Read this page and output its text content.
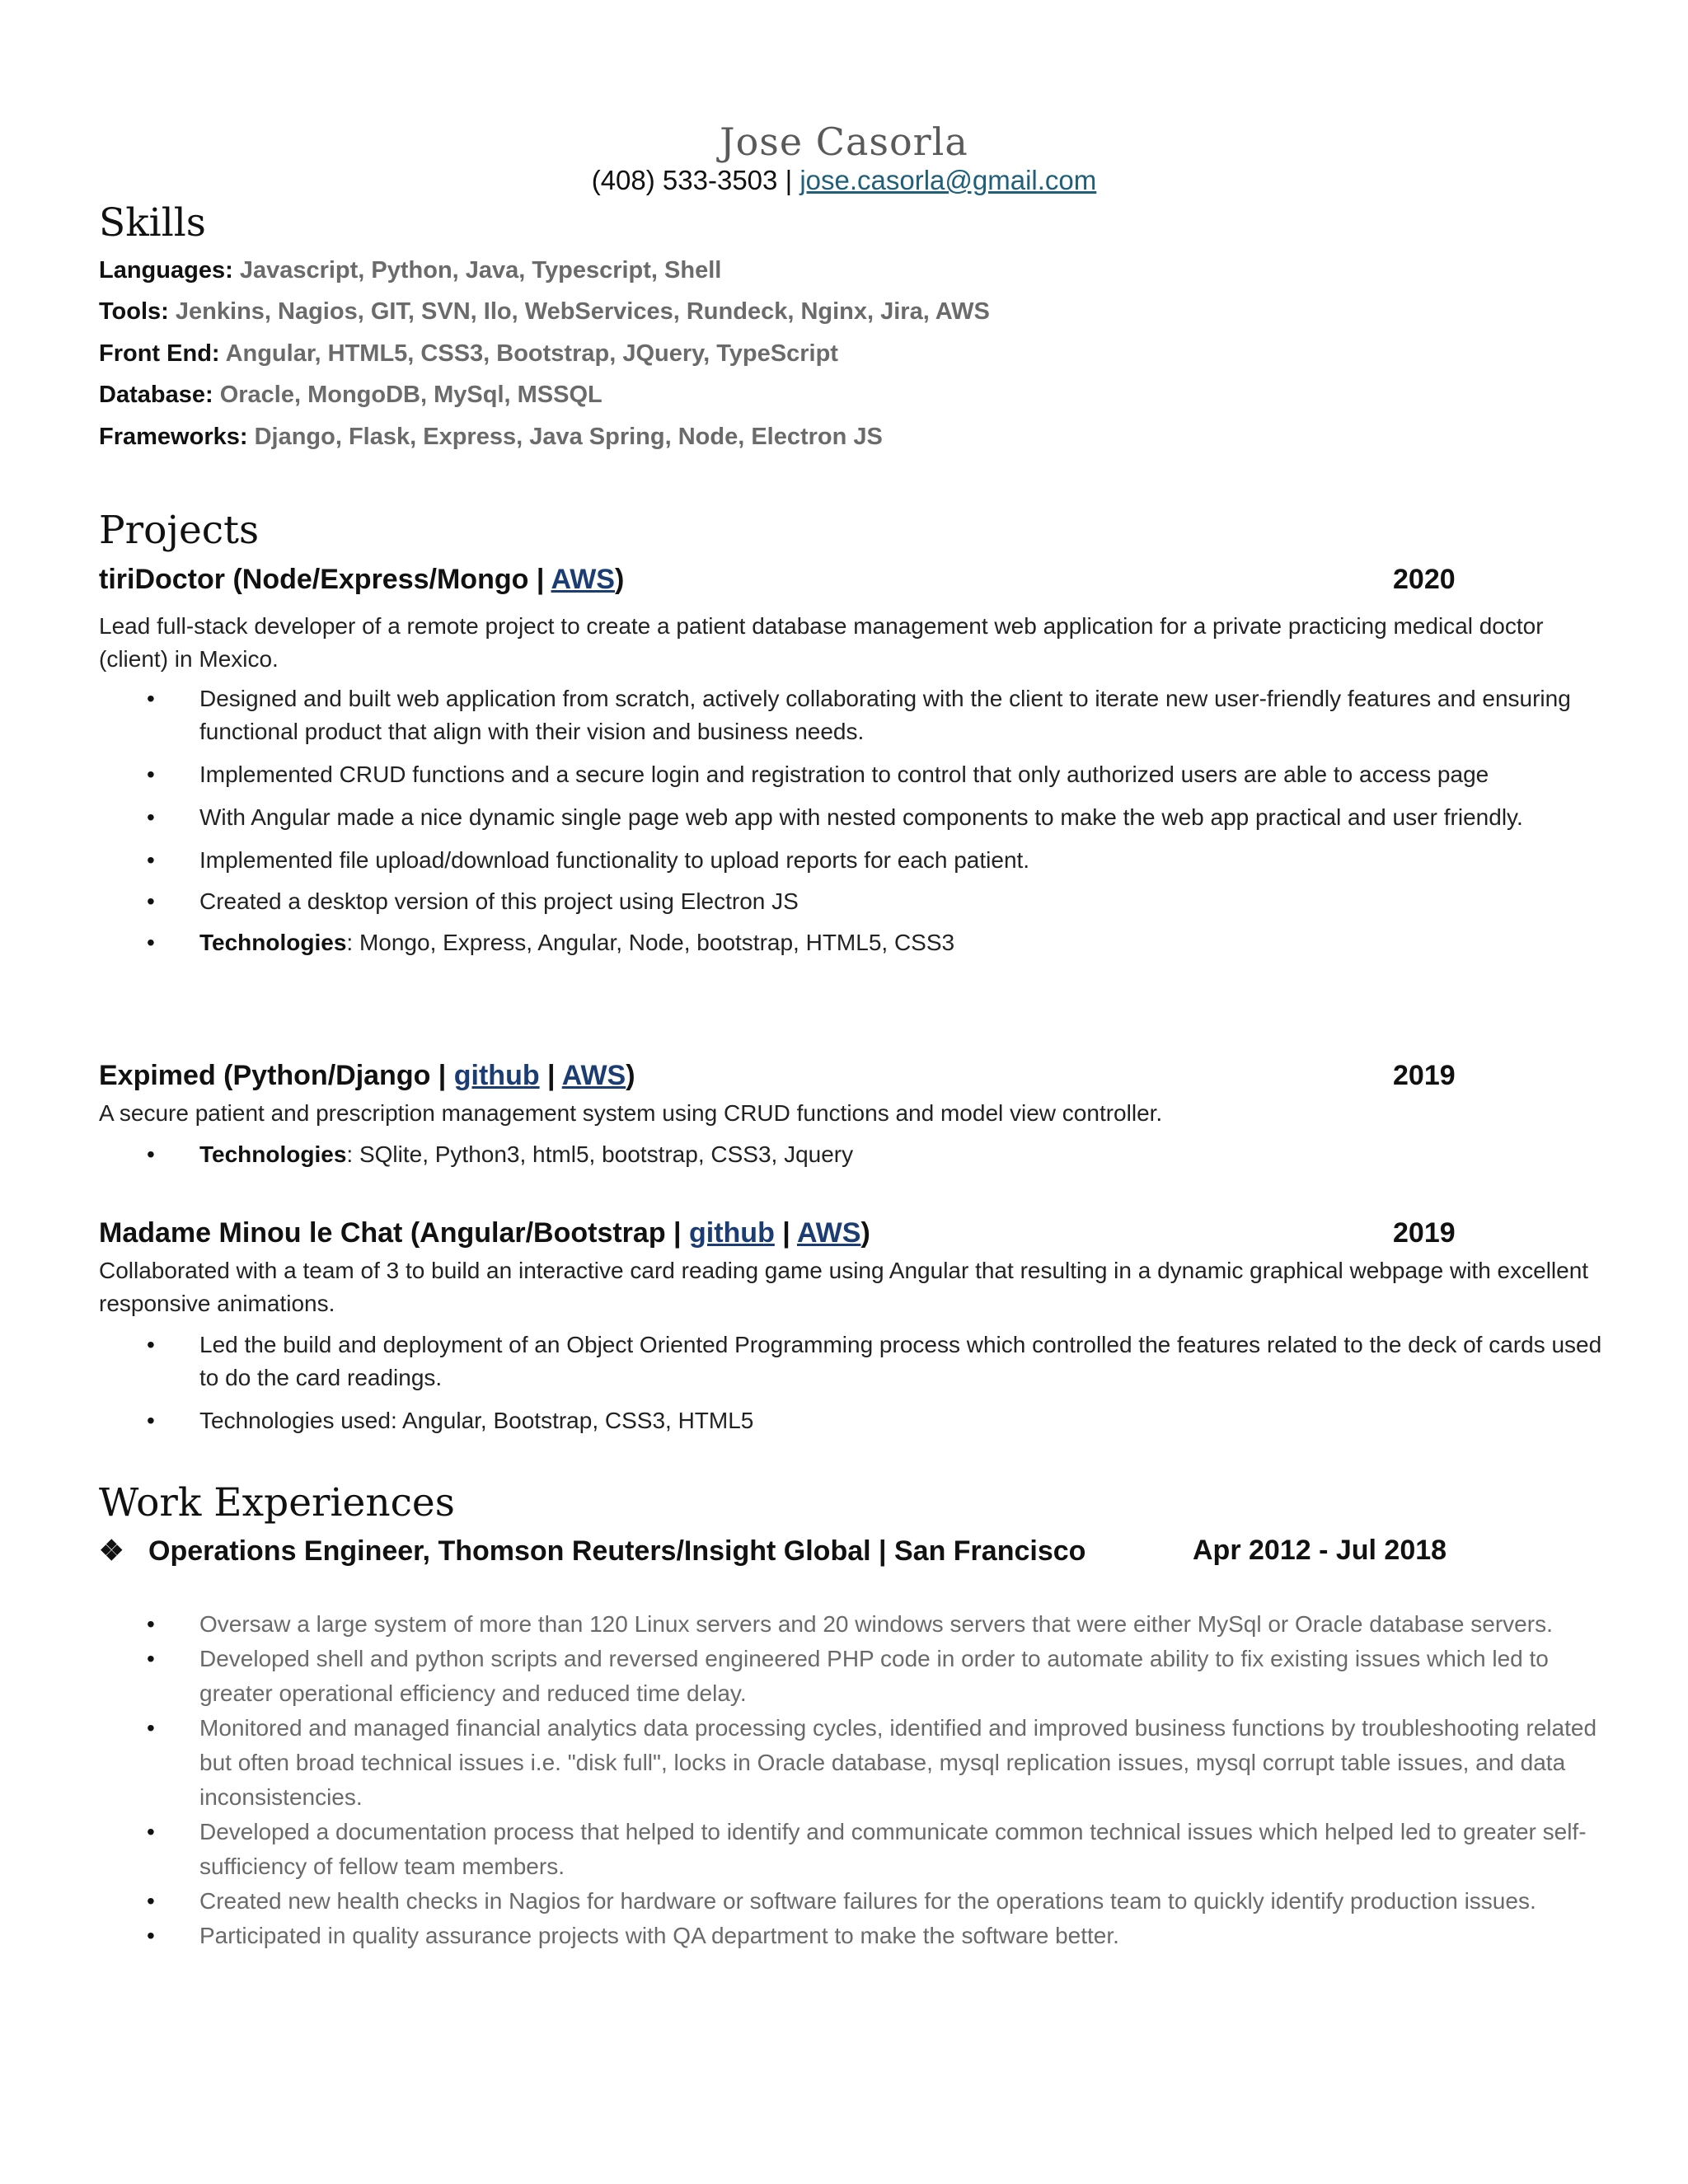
Jose Casorla
(408) 533-3503 | jose.casorla@gmail.com
Skills
Languages: Javascript, Python, Java, Typescript, Shell
Tools: Jenkins, Nagios, GIT, SVN, Ilo, WebServices, Rundeck, Nginx, Jira, AWS
Front End: Angular, HTML5, CSS3, Bootstrap, JQuery, TypeScript
Database: Oracle, MongoDB, MySql, MSSQL
Frameworks: Django, Flask, Express, Java Spring, Node, Electron JS
Projects
tiriDoctor (Node/Express/Mongo | AWS)	2020
Lead full-stack developer of a remote project to create a patient database management web application for a private practicing medical doctor (client) in Mexico.
• Designed and built web application from scratch, actively collaborating with the client to iterate new user-friendly features and ensuring functional product that align with their vision and business needs.
• Implemented CRUD functions and a secure login and registration to control that only authorized users are able to access page
• With Angular made a nice dynamic single page web app with nested components to make the web app practical and user friendly.
• Implemented file upload/download functionality to upload reports for each patient.
• Created a desktop version of this project using Electron JS
• Technologies: Mongo, Express, Angular, Node, bootstrap, HTML5, CSS3
Expimed (Python/Django | github | AWS)	2019
A secure patient and prescription management system using CRUD functions and model view controller.
• Technologies: SQlite, Python3, html5, bootstrap, CSS3, Jquery
Madame Minou le Chat (Angular/Bootstrap | github | AWS)	2019
Collaborated with a team of 3 to build an interactive card reading game using Angular that resulting in a dynamic graphical webpage with excellent responsive animations.
• Led the build and deployment of an Object Oriented Programming process which controlled the features related to the deck of cards used to do the card readings.
• Technologies used: Angular, Bootstrap, CSS3, HTML5
Work Experiences
❖ Operations Engineer, Thomson Reuters/Insight Global | San Francisco	Apr 2012 - Jul 2018
• Oversaw a large system of more than 120 Linux servers and 20 windows servers that were either MySql or Oracle database servers.
• Developed shell and python scripts and reversed engineered PHP code in order to automate ability to fix existing issues which led to greater operational efficiency and reduced time delay.
• Monitored and managed financial analytics data processing cycles, identified and improved business functions by troubleshooting related but often broad technical issues i.e. "disk full", locks in Oracle database, mysql replication issues, mysql corrupt table issues, and data inconsistencies.
• Developed a documentation process that helped to identify and communicate common technical issues which helped led to greater self-sufficiency of fellow team members.
• Created new health checks in Nagios for hardware or software failures for the operations team to quickly identify production issues.
• Participated in quality assurance projects with QA department to make the software better.
